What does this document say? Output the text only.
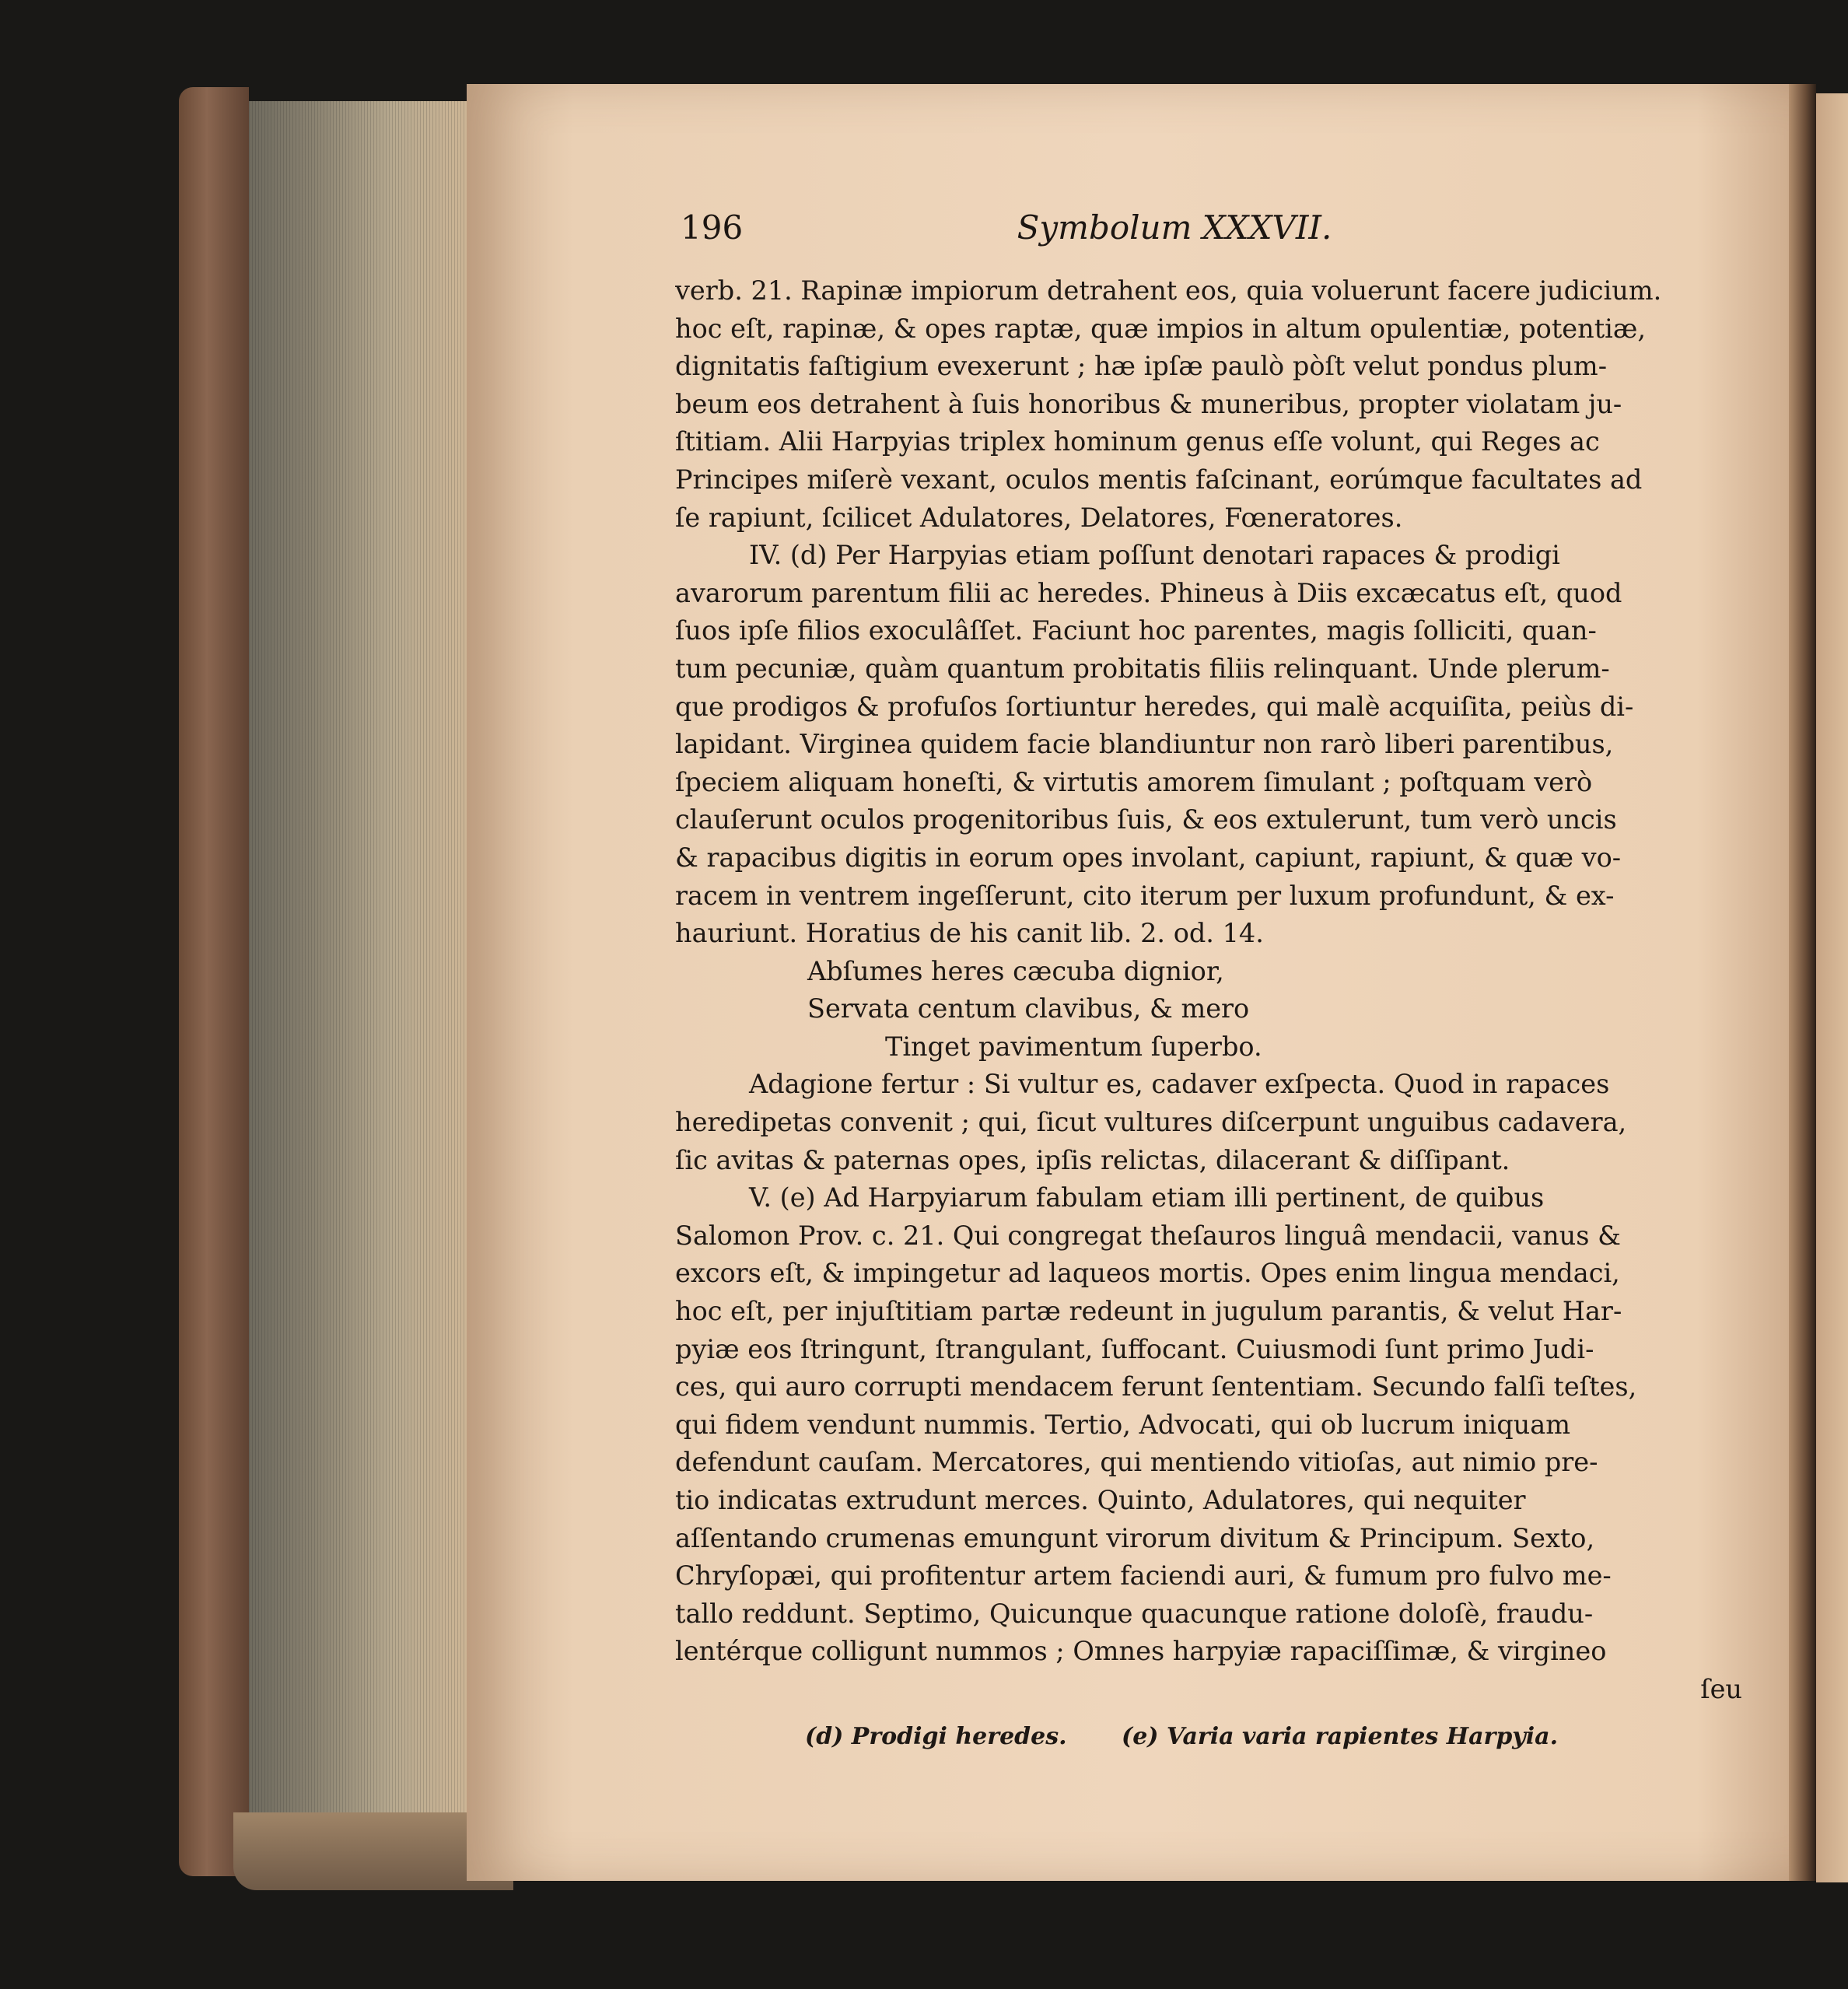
196	Symbolum XXXVII.
verb. 21. Rapinæ impiorum detrahent eos, quia voluerunt facere judicium.
hoc eſt, rapinæ, & opes raptæ, quæ impios in altum opulentiæ, potentiæ,
dignitatis faſtigium evexerunt ; hæ ipſæ paulò pòſt velut pondus plum-
beum eos detrahent à ſuis honoribus & muneribus, propter violatam ju-
ſtitiam. Alii Harpyias triplex hominum genus eſſe volunt, qui Reges ac
Principes miſerè vexant, oculos mentis faſcinant, eorúmque facultates ad
ſe rapiunt, ſcilicet Adulatores, Delatores, Fœneratores.
IV. (d) Per Harpyias etiam poſſunt denotari rapaces & prodigi
avarorum parentum filii ac heredes. Phineus à Diis excæcatus eſt, quod
ſuos ipſe filios exoculâſſet. Faciunt hoc parentes, magis ſolliciti, quan-
tum pecuniæ, quàm quantum probitatis filiis relinquant. Unde plerum-
que prodigos & profuſos ſortiuntur heredes, qui malè acquiſita, peiùs di-
lapidant. Virginea quidem facie blandiuntur non rarò liberi parentibus,
ſpeciem aliquam honeſti, & virtutis amorem ſimulant ; poſtquam verò
clauſerunt oculos progenitoribus ſuis, & eos extulerunt, tum verò uncis
& rapacibus digitis in eorum opes involant, capiunt, rapiunt, & quæ vo-
racem in ventrem ingeſſerunt, cito iterum per luxum profundunt, & ex-
hauriunt. Horatius de his canit lib. 2. od. 14.
Abſumes heres cæcuba dignior,
Servata centum clavibus, & mero
Tinget pavimentum ſuperbo.
Adagione fertur : Si vultur es, cadaver exſpecta. Quod in rapaces
heredipetas convenit ; qui, ſicut vultures diſcerpunt unguibus cadavera,
ſic avitas & paternas opes, ipſis relictas, dilacerant & diſſipant.
V. (e) Ad Harpyiarum fabulam etiam illi pertinent, de quibus
Salomon Prov. c. 21. Qui congregat theſauros linguâ mendacii, vanus &
excors eſt, & impingetur ad laqueos mortis. Opes enim lingua mendaci,
hoc eſt, per injuſtitiam partæ redeunt in jugulum parantis, & velut Har-
pyiæ eos ſtringunt, ſtrangulant, ſuffocant. Cuiusmodi ſunt primo Judi-
ces, qui auro corrupti mendacem ferunt ſententiam. Secundo falſi teſtes,
qui fidem vendunt nummis. Tertio, Advocati, qui ob lucrum iniquam
defendunt cauſam. Mercatores, qui mentiendo vitioſas, aut nimio pre-
tio indicatas extrudunt merces. Quinto, Adulatores, qui nequiter
aſſentando crumenas emungunt virorum divitum & Principum. Sexto,
Chryſopæi, qui profitentur artem faciendi auri, & fumum pro fulvo me-
tallo reddunt. Septimo, Quicunque quacunque ratione doloſè, fraudu-
lentérque colligunt nummos ; Omnes harpyiæ rapaciſſimæ, & virgineo
ſeu
(d) Prodigi heredes. (e) Varia varia rapientes Harpyia.
